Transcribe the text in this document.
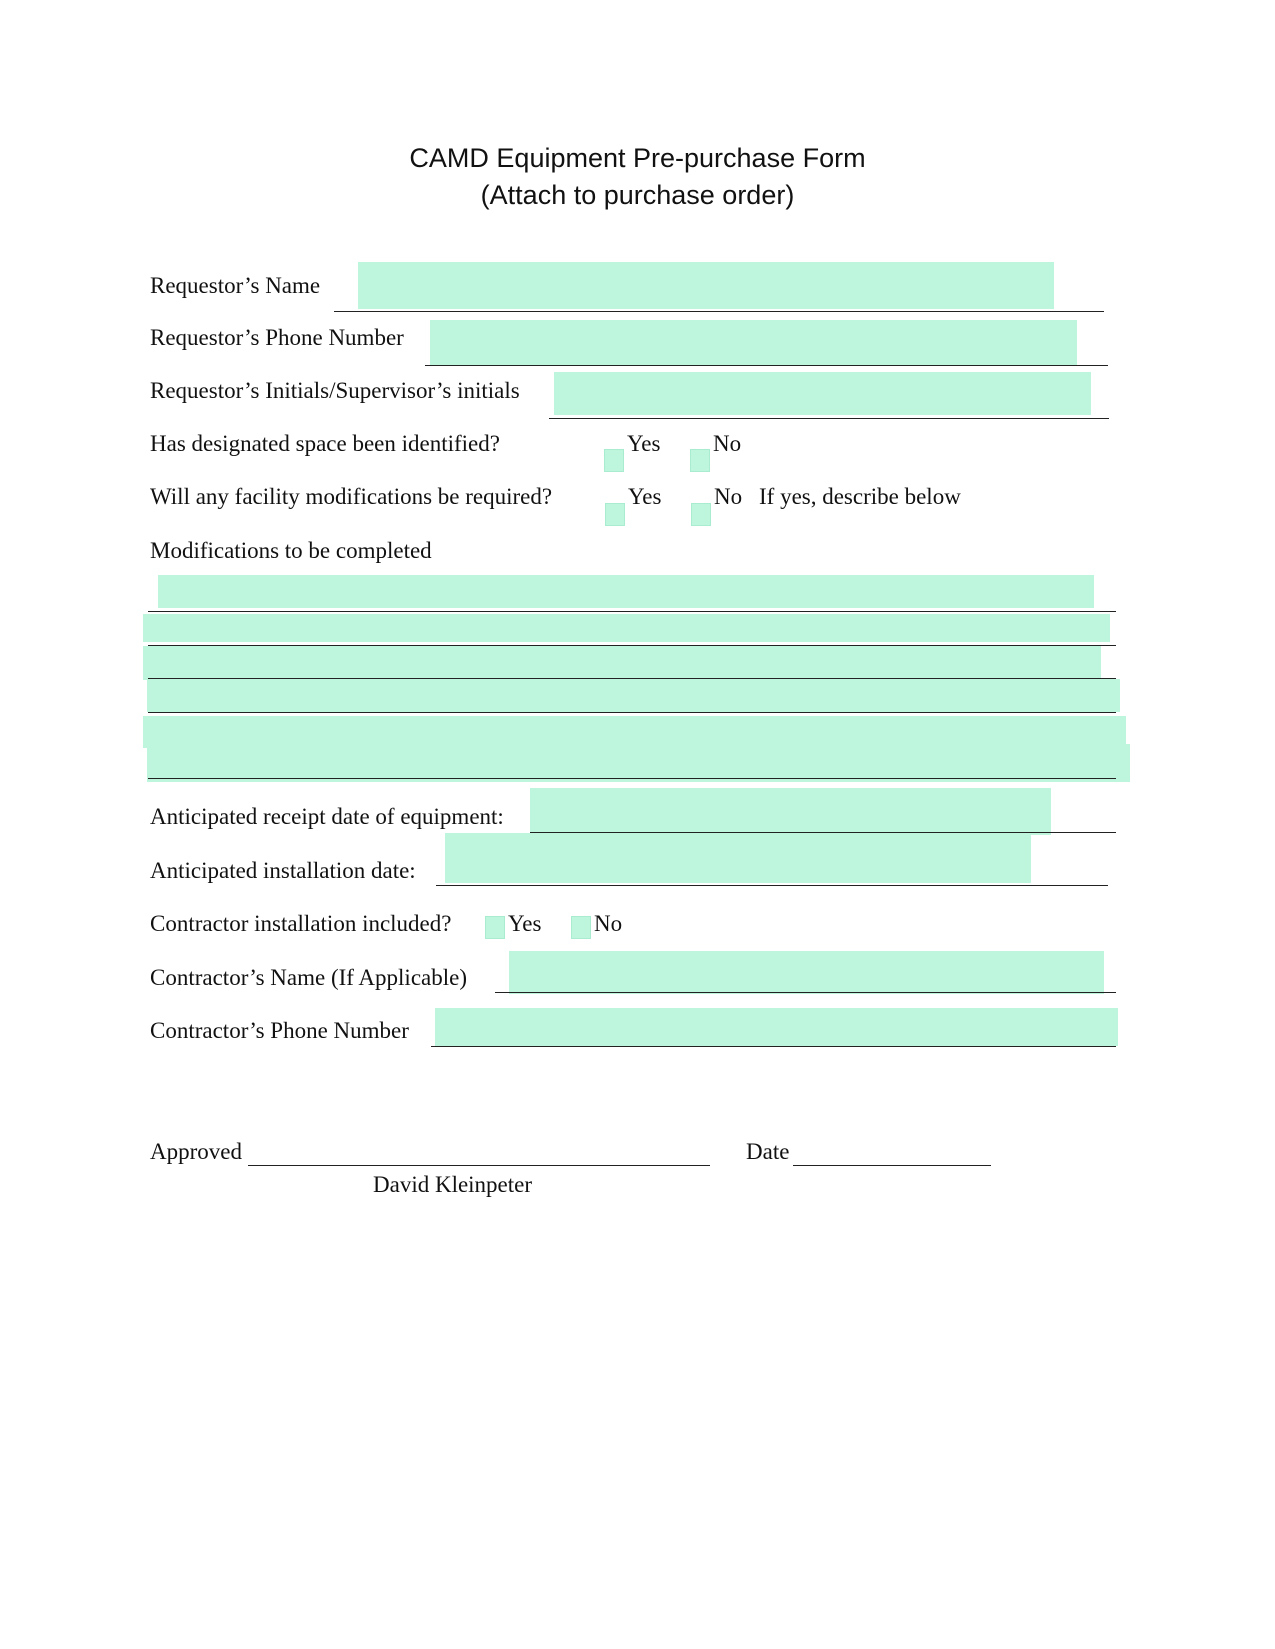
CAMD Equipment Pre-purchase Form
(Attach to purchase order)
Requestor’s Name
Requestor’s Phone Number
Requestor’s Initials/Supervisor’s initials
Has designated space been identified?	Yes No
Will any facility modifications be required?	Yes No If yes, describe below
Modifications to be completed
Anticipated receipt date of equipment:
Anticipated installation date:
Contractor installation included? Yes No
Contractor’s Name (If Applicable)
Contractor’s Phone Number
Approved	Date
David Kleinpeter
